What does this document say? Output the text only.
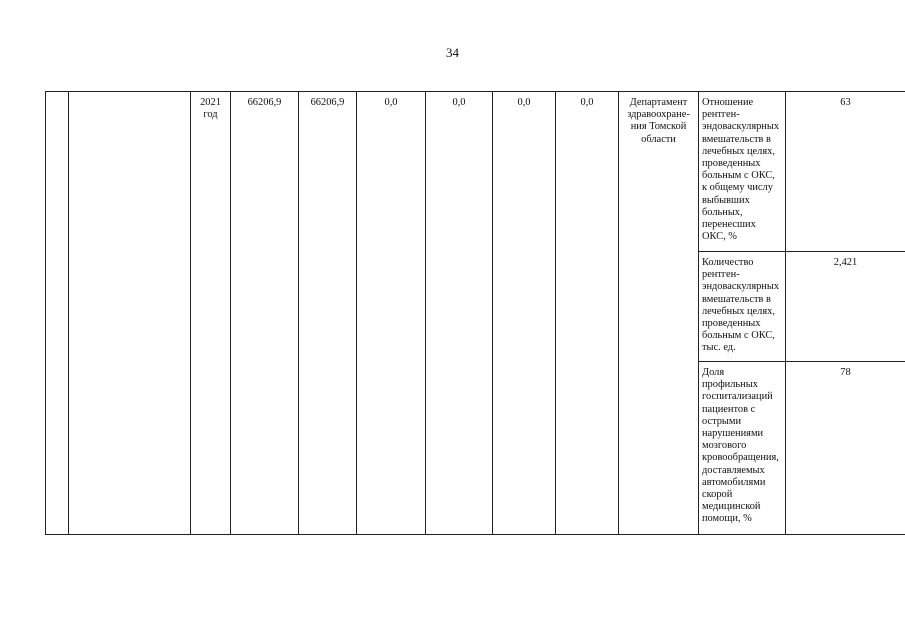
34
		2021
год	66206,9	66206,9	0,0	0,0	0,0	0,0	Департамент здравоохране-ния Томской области	Отношение рентген-эндоваскулярных вмешательств в лечебных целях, проведенных больным с ОКС, к общему числу выбывших больных, перенесших ОКС, %	63
										Количество рентген-эндоваскулярных вмешательств в лечебных целях, проведенных больным с ОКС, тыс. ед.	2,421
										Доля профильных госпитализаций пациентов с острыми нарушениями мозгового кровообращения, доставляемых автомобилями скорой медицинской помощи, %	78
